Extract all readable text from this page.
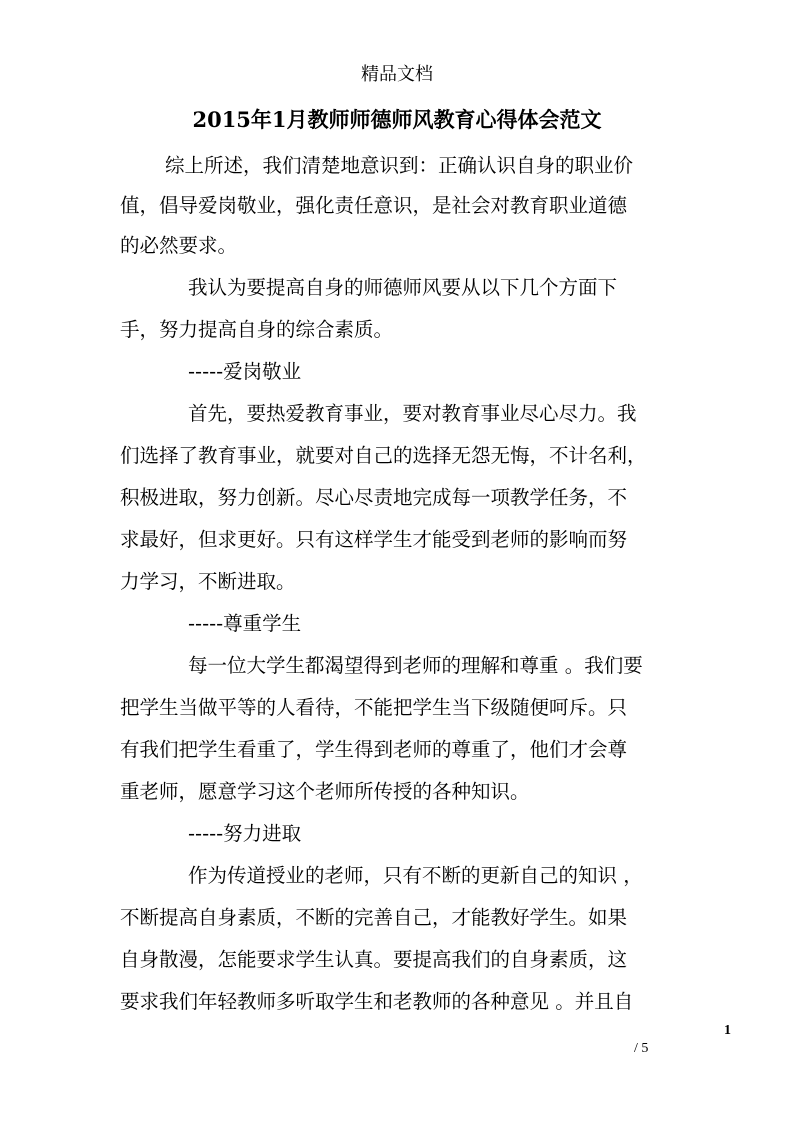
精品文档
2015年1月教师师德师风教育心得体会范文
综上所述，我们清楚地意识到：正确认识自身的职业价
值，倡导爱岗敬业，强化责任意识，是社会对教育职业道德
的必然要求。
我认为要提高自身的师德师风要从以下几个方面下
手，努力提高自身的综合素质。
-----爱岗敬业
首先，要热爱教育事业，要对教育事业尽心尽力。我
们选择了教育事业，就要对自己的选择无怨无悔，不计名利，
积极进取，努力创新。尽心尽责地完成每一项教学任务，不
求最好，但求更好。只有这样学生才能受到老师的影响而努
力学习，不断进取。
-----尊重学生
每一位大学生都渴望得到老师的理解和尊重 。我们要
把学生当做平等的人看待，不能把学生当下级随便呵斥。只
有我们把学生看重了，学生得到老师的尊重了，他们才会尊
重老师，愿意学习这个老师所传授的各种知识。
-----努力进取
作为传道授业的老师，只有不断的更新自己的知识 ，
不断提高自身素质，不断的完善自己，才能教好学生。如果
自身散漫，怎能要求学生认真。要提高我们的自身素质，这
要求我们年轻教师多听取学生和老教师的各种意见 。并且自
1
/ 5
